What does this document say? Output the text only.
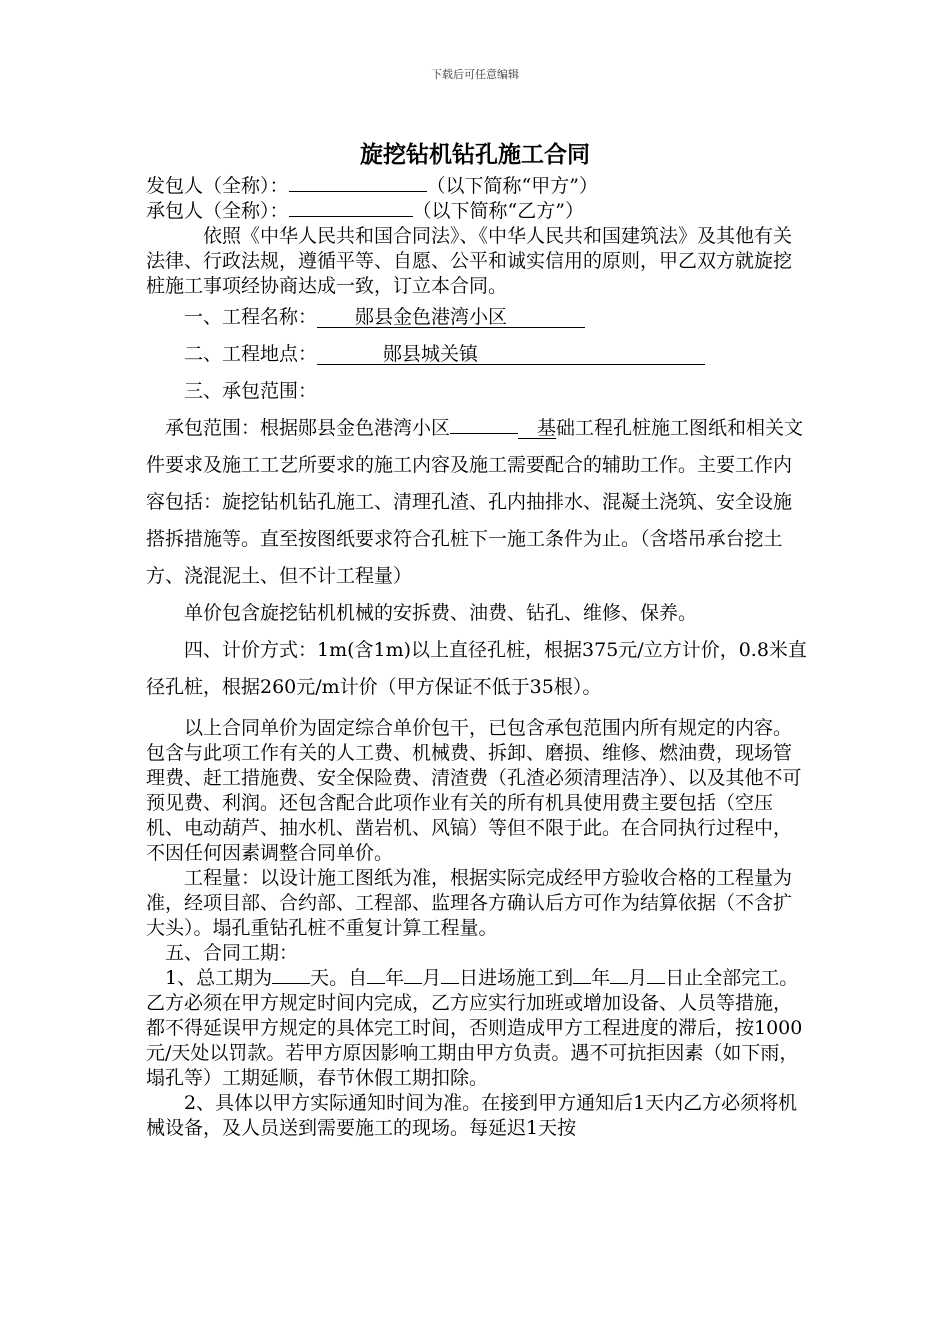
下载后可任意编辑
旋挖钻机钻孔施工合同

发包人（全称）：	（以下简称“甲方”）

承包人（全称）：	（以下简称“乙方”）

依照《中华人民共和国合同法》、《中华人民共和国建筑法》及其他有关法律、行政法规，遵循平等、自愿、公平和诚实信用的原则，甲乙双方就旋挖桩施工事项经协商达成一致，订立本合同。

一、工程名称： 郧县金色港湾小区

二、工程地点：	郧县城关镇

三、承包范围：

承包范围：根据郧县金色港湾小区	基础工程孔桩施工图纸和相关文件要求及施工工艺所要求的施工内容及施工需要配合的辅助工作。主要工作内容包括：旋挖钻机钻孔施工、清理孔渣、孔内抽排水、混凝土浇筑、安全设施搭拆措施等。直至按图纸要求符合孔桩下一施工条件为止。（含塔吊承台挖土方、浇混泥土、但不计工程量）

单价包含旋挖钻机机械的安拆费、油费、钻孔、维修、保养。

四、计价方式：1m(含1m)以上直径孔桩，根据375元/立方计价，0.8米直径孔桩，根据260元/m计价（甲方保证不低于35根）。

以上合同单价为固定综合单价包干，已包含承包范围内所有规定的内容。包含与此项工作有关的人工费、机械费、拆卸、磨损、维修、燃油费，现场管理费、赶工措施费、安全保险费、清渣费（孔渣必须清理洁净）、以及其他不可预见费、利润。还包含配合此项作业有关的所有机具使用费主要包括（空压机、电动葫芦、抽水机、凿岩机、风镐）等但不限于此。在合同执行过程中，不因任何因素调整合同单价。

工程量：以设计施工图纸为准，根据实际完成经甲方验收合格的工程量为准，经项目部、合约部、工程部、监理各方确认后方可作为结算依据（不含扩大头）。塌孔重钻孔桩不重复计算工程量。

五、合同工期：

1、总工期为 天。自 年 月 日进场施工到 年 月 日止全部完工。乙方必须在甲方规定时间内完成，乙方应实行加班或增加设备、人员等措施，都不得延误甲方规定的具体完工时间，否则造成甲方工程进度的滞后，按1000元/天处以罚款。若甲方原因影响工期由甲方负责。遇不可抗拒因素（如下雨，塌孔等）工期延顺，春节休假工期扣除。

2、具体以甲方实际通知时间为准。在接到甲方通知后1天内乙方必须将机械设备，及人员送到需要施工的现场。每延迟1天按
